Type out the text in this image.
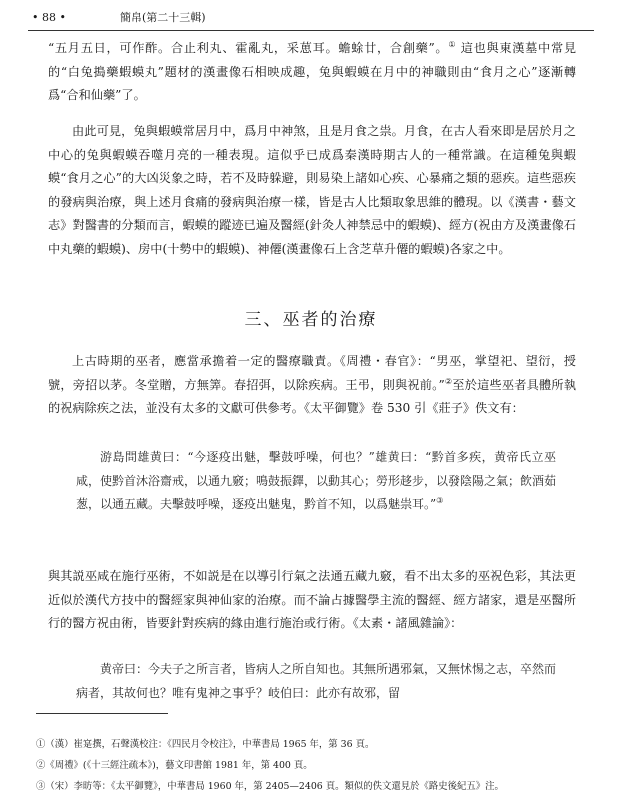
• 88 •	簡帛(第二十三輯)

“五月五日，可作酢。合止利丸、霍亂丸，采葸耳。蟾蜍廿，合創藥”。① 這也與東漢墓中常見的“白兔搗藥蝦蟆丸”題材的漢畫像石相映成趣，兔與蝦蟆在月中的神職則由“食月之心”逐漸轉爲“合和仙藥”了。

由此可見，兔與蝦蟆常居月中，爲月中神煞，且是月食之祟。月食，在古人看來即是居於月之中心的兔與蝦蟆吞噬月亮的一種表現。這似乎已成爲秦漢時期古人的一種常識。在這種兔與蝦蟆“食月之心”的大凶災象之時，若不及時躲避，則易染上諸如心疾、心暴痛之類的惡疾。這些惡疾的發病與治療，與上述月食痛的發病與治療一樣，皆是古人比類取象思維的體現。以《漢書・藝文志》對醫書的分類而言，蝦蟆的蹤迹已遍及醫經(針灸人神禁忌中的蝦蟆)、經方(祝由方及漢畫像石中丸藥的蝦蟆)、房中(十勢中的蝦蟆)、神僊(漢畫像石上含芝草升僊的蝦蟆)各家之中。

三、巫者的治療

上古時期的巫者，應當承擔着一定的醫療職責。《周禮・春官》：“男巫，掌望祀、望衍，授號，旁招以茅。冬堂贈，方無筭。春招弭，以除疾病。王弔，則與祝前。”②至於這些巫者具體所執的祝病除疾之法，並没有太多的文獻可供參考。《太平御覽》卷 530 引《莊子》佚文有：

游島問雄黄曰：“今逐疫出魅，擊鼓呼噪，何也？”雄黄曰：“黔首多疾，黄帝氏立巫咸，使黔首沐浴齋戒，以通九竅；鳴鼓振鐸，以動其心；勞形趍步，以發陰陽之氣；飲酒茹葱，以通五藏。夫擊鼓呼噪，逐疫出魅鬼，黔首不知，以爲魅祟耳。”③

與其説巫咸在施行巫術，不如説是在以導引行氣之法通五藏九竅，看不出太多的巫祝色彩，其法更近似於漢代方技中的醫經家與神仙家的治療。而不論占據醫學主流的醫經、經方諸家，還是巫醫所行的醫方祝由術，皆要針對疾病的緣由進行施治或行術。《太素・諸風雜論》：

黄帝曰：今夫子之所言者，皆病人之所自知也。其無所遇邪氣，又無怵惕之志，卒然而病者，其故何也？唯有鬼神之事乎？岐伯曰：此亦有故邪，留

①（漢）崔寔撰，石聲漢校注：《四民月令校注》，中華書局 1965 年，第 36 頁。
②《周禮》(《十三經注疏本》)，藝文印書館 1981 年，第 400 頁。
③（宋）李昉等：《太平御覽》，中華書局 1960 年，第 2405—2406 頁。類似的佚文還見於《路史後紀五》注。
